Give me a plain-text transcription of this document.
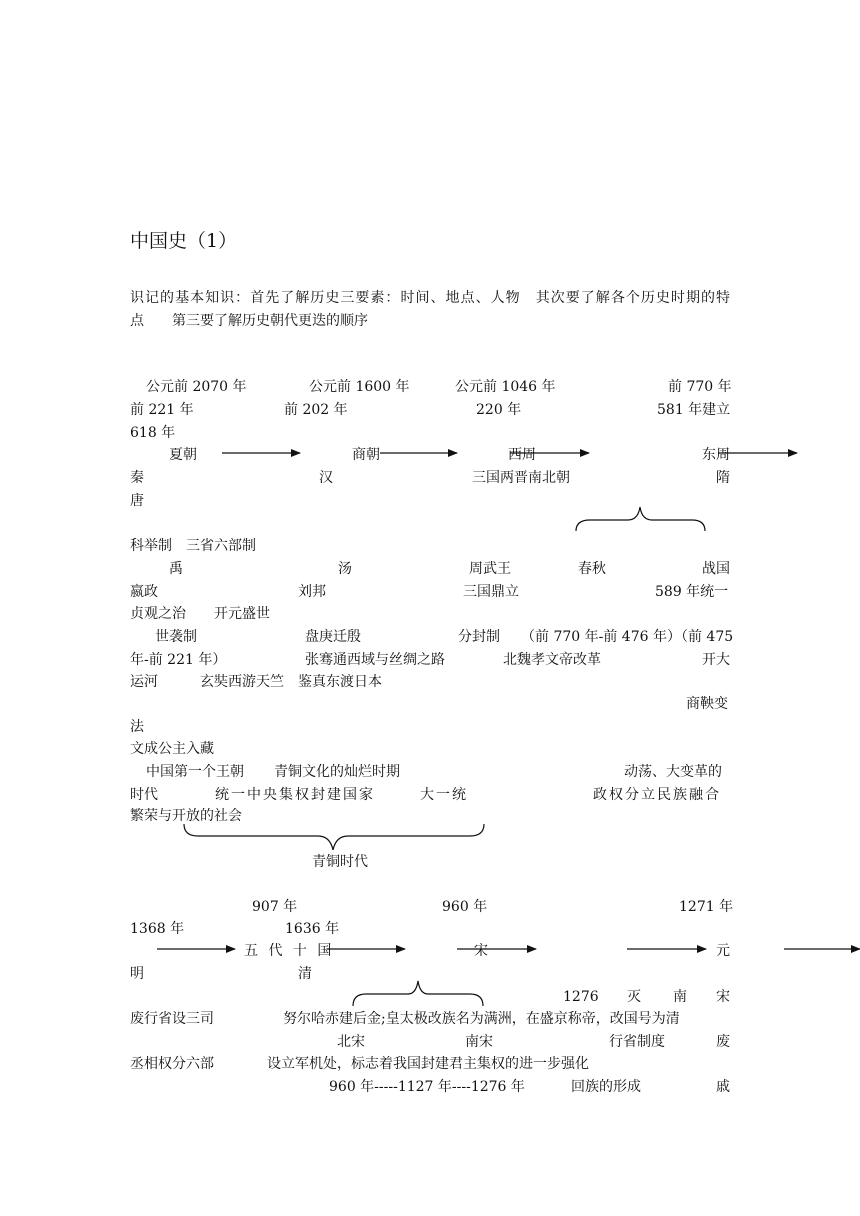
中国史（1）
识记的基本知识：首先了解历史三要素：时间、地点、人物　其次要了解各个历史时期的特
点　　第三要了解历史朝代更迭的顺序
公元前 2070 年	公元前 1600 年	公元前 1046 年	前 770 年
前 221 年	前 202 年	220 年	581 年建立
618 年
夏朝	商朝	西周	东周
秦	汉	三国两晋南北朝	隋
唐
科举制　三省六部制
禹	汤	周武王	春秋	战国
嬴政	刘邦	三国鼎立	589 年统一
贞观之治　　开元盛世
世袭制	盘庚迁殷	分封制 （前 770 年-前 476 年）（前 475
年-前 221 年）	张骞通西域与丝绸之路	北魏孝文帝改革	开大
运河　　　玄奘西游天竺　鉴真东渡日本
商鞅变
法
文成公主入藏
中国第一个王朝 青铜文化的灿烂时期	动荡、大变革的
时代	统一中央集权封建国家	大一统	政权分立民族融合
繁荣与开放的社会
青铜时代
907 年	960 年	1271 年
1368 年	1636 年
五 代 十 国	宋	元
明	清
1276 灭 南 宋
废行省设三司	努尔哈赤建后金;皇太极改族名为满洲，在盛京称帝，改国号为清
北宋	南宋	行省制度	废
丞相权分六部	设立军机处，标志着我国封建君主集权的进一步强化
960 年-----1127 年----1276 年	回族的形成	戚
